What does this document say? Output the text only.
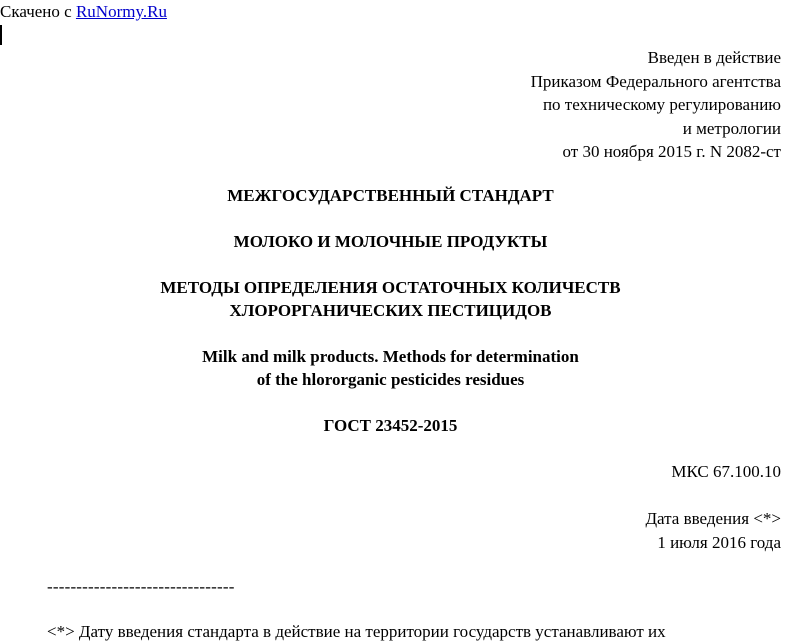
Скачено с RuNormy.Ru
Введен в действие
Приказом Федерального агентства
по техническому регулированию
и метрологии
от 30 ноября 2015 г. N 2082-ст
МЕЖГОСУДАРСТВЕННЫЙ СТАНДАРТ
МОЛОКО И МОЛОЧНЫЕ ПРОДУКТЫ
МЕТОДЫ ОПРЕДЕЛЕНИЯ ОСТАТОЧНЫХ КОЛИЧЕСТВ
ХЛОРОРГАНИЧЕСКИХ ПЕСТИЦИДОВ
Milk and milk products. Methods for determination
of the hlororganic pesticides residues
ГОСТ 23452-2015
МКС 67.100.10
Дата введения <*>
1 июля 2016 года
--------------------------------
<*> Дату введения стандарта в действие на территории государств устанавливают их
